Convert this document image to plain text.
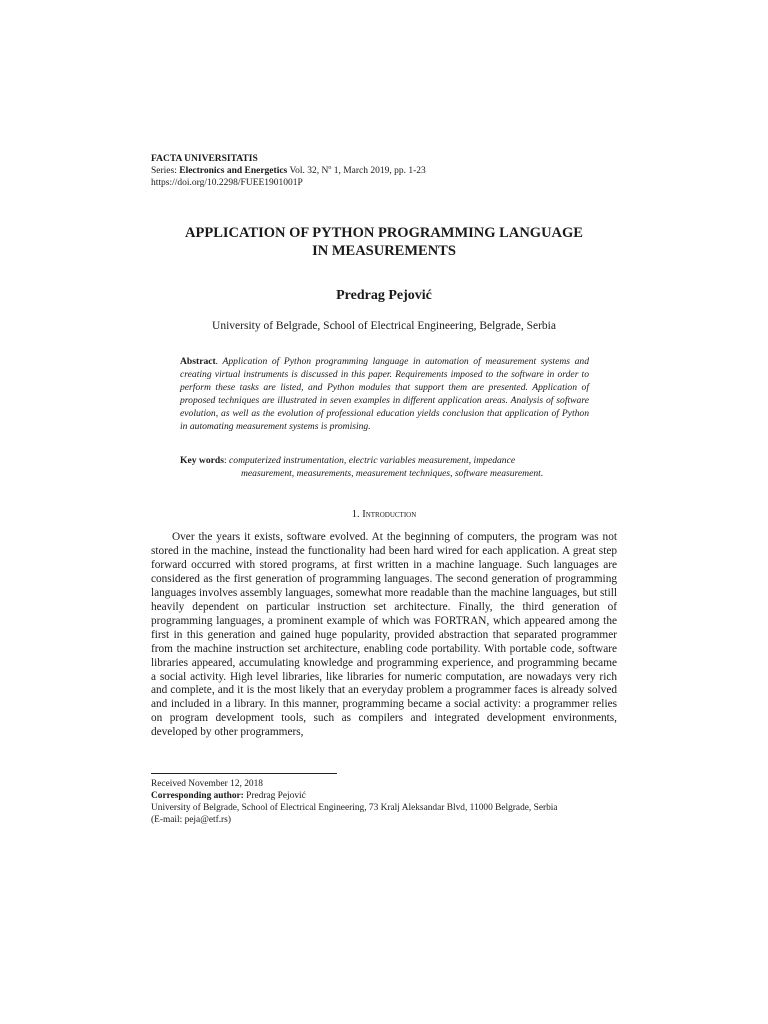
FACTA UNIVERSITATIS
Series: Electronics and Energetics Vol. 32, $N^o$ 1, March 2019, pp. 1-23
https://doi.org/10.2298/FUEE1901001P
APPLICATION OF PYTHON PROGRAMMING LANGUAGE
IN MEASUREMENTS
Predrag Pejović
University of Belgrade, School of Electrical Engineering, Belgrade, Serbia
Abstract. Application of Python programming language in automation of measurement systems and creating virtual instruments is discussed in this paper. Requirements imposed to the software in order to perform these tasks are listed, and Python modules that support them are presented. Application of proposed techniques are illustrated in seven examples in different application areas. Analysis of software evolution, as well as the evolution of professional education yields conclusion that application of Python in automating measurement systems is promising.
Key words: computerized instrumentation, electric variables measurement, impedance
measurement, measurements, measurement techniques, software measurement.
1. Introduction

Over the years it exists, software evolved. At the beginning of computers, the program was not stored in the machine, instead the functionality had been hard wired for each application. A great step forward occurred with stored programs, at first written in a machine language. Such languages are considered as the first generation of programming languages. The second generation of programming languages involves assembly languages, somewhat more readable than the machine languages, but still heavily dependent on particular instruction set architecture. Finally, the third generation of programming languages, a prominent example of which was FORTRAN, which appeared among the first in this generation and gained huge popularity, provided abstraction that separated programmer from the machine instruction set architecture, enabling code portability. With portable code, software libraries appeared, accumulating knowledge and programming experience, and programming became a social activity. High level libraries, like libraries for numeric computation, are nowadays very rich and complete, and it is the most likely that an everyday problem a programmer faces is already solved and included in a library. In this manner, programming became a social activity: a programmer relies on program development tools, such as compilers and integrated development environments, developed by other programmers,

Received November 12, 2018
Corresponding author: Predrag Pejović
University of Belgrade, School of Electrical Engineering, 73 Kralj Aleksandar Blvd, 11000 Belgrade, Serbia
(E-mail: peja@etf.rs)
